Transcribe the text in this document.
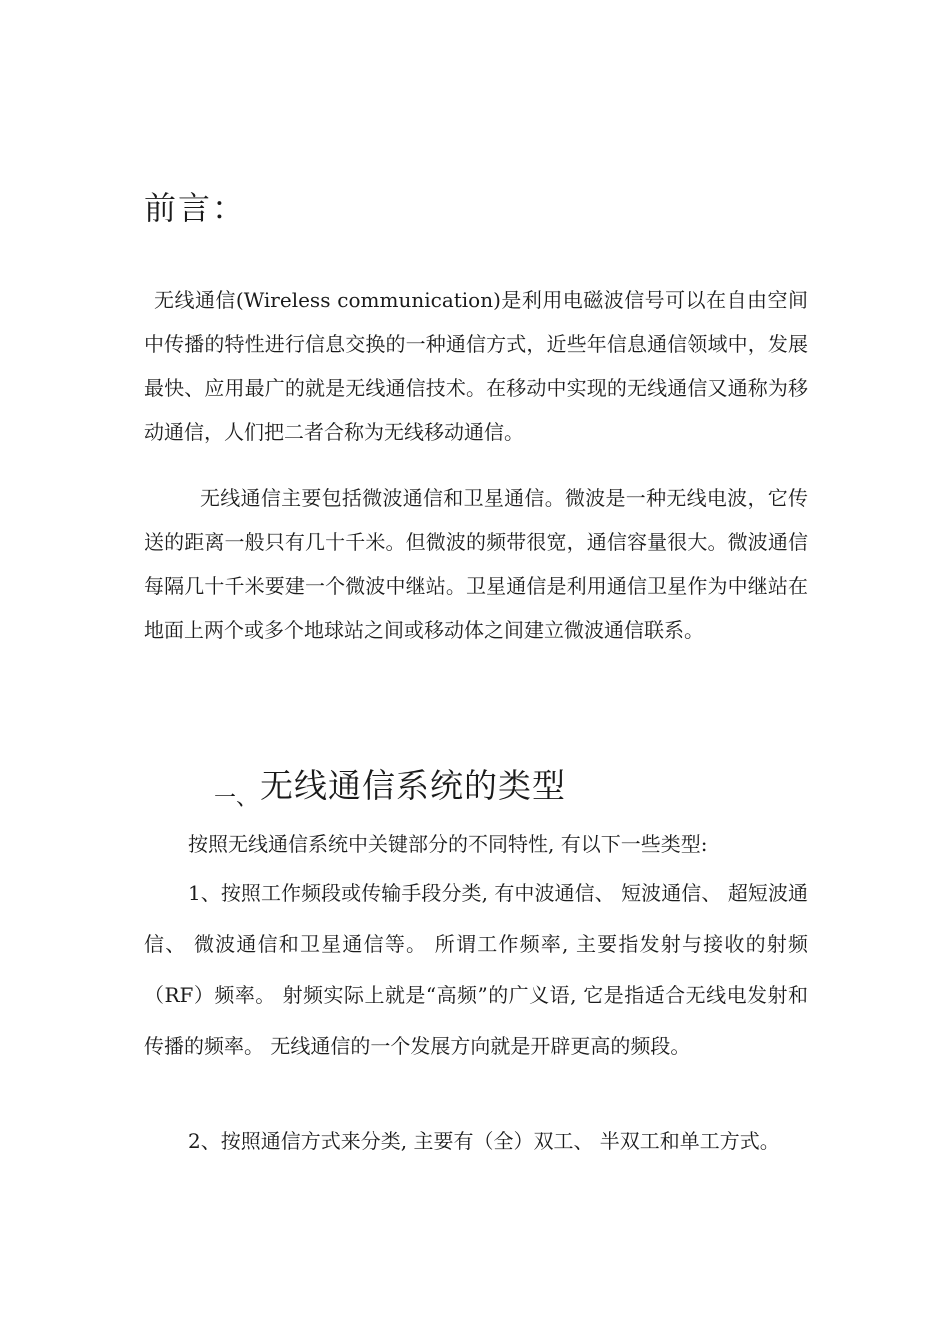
前言：

无线通信(Wireless communication)是利用电磁波信号可以在自由空间中传播的特性进行信息交换的一种通信方式，近些年信息通信领域中，发展最快、应用最广的就是无线通信技术。在移动中实现的无线通信又通称为移动通信，人们把二者合称为无线移动通信。

无线通信主要包括微波通信和卫星通信。微波是一种无线电波，它传送的距离一般只有几十千米。但微波的频带很宽，通信容量很大。微波通信每隔几十千米要建一个微波中继站。卫星通信是利用通信卫星作为中继站在地面上两个或多个地球站之间或移动体之间建立微波通信联系。

一、无线通信系统的类型

按照无线通信系统中关键部分的不同特性, 有以下一些类型:

1、按照工作频段或传输手段分类, 有中波通信、 短波通信、 超短波通信、 微波通信和卫星通信等。 所谓工作频率, 主要指发射与接收的射频（RF）频率。 射频实际上就是“高频”的广义语, 它是指适合无线电发射和传播的频率。 无线通信的一个发展方向就是开辟更高的频段。

2、按照通信方式来分类, 主要有（全）双工、 半双工和单工方式。
